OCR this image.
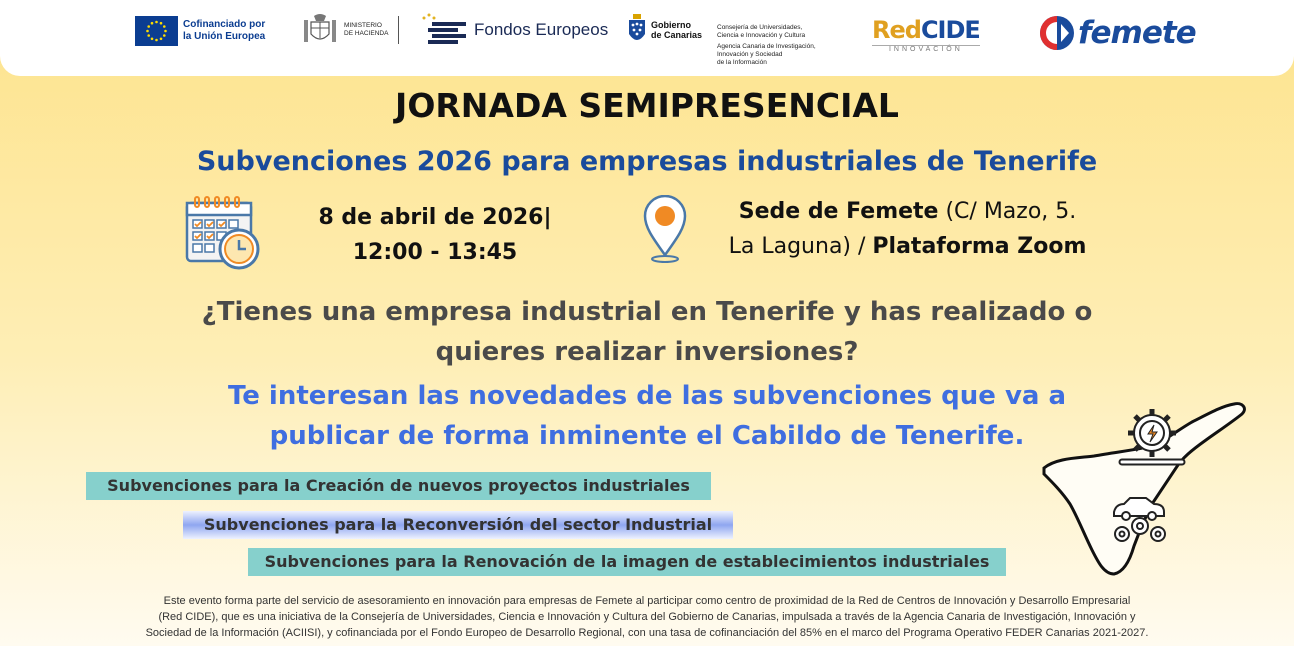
Cofinanciado por
la Unión Europea
MINISTERIO
DE HACIENDA	Fondos Europeos	Gobierno
de Canarias
Consejería de Universidades,
Ciencia e Innovación y Cultura
Agencia Canaria de Investigación,
Innovación y Sociedad
de la Información
RedCIDE
INNOVACIÓN	femete
JORNADA SEMIPRESENCIAL
Subvenciones 2026 para empresas industriales de Tenerife
8 de abril de 2026|
12:00 - 13:45
Sede de Femete (C/ Mazo, 5.
La Laguna) / Plataforma Zoom
¿Tienes una empresa industrial en Tenerife y has realizado o
quieres realizar inversiones?
Te interesan las novedades de las subvenciones que va a
publicar de forma inminente el Cabildo de Tenerife.
Subvenciones para la Creación de nuevos proyectos industriales
Subvenciones para la Reconversión del sector Industrial
Subvenciones para la Renovación de la imagen de establecimientos industriales
Este evento forma parte del servicio de asesoramiento en innovación para empresas de Femete al participar como centro de proximidad de la Red de Centros de Innovación y Desarrollo Empresarial
(Red CIDE), que es una iniciativa de la Consejería de Universidades, Ciencia e Innovación y Cultura del Gobierno de Canarias, impulsada a través de la Agencia Canaria de Investigación, Innovación y
Sociedad de la Información (ACIISI), y cofinanciada por el Fondo Europeo de Desarrollo Regional, con una tasa de cofinanciación del 85% en el marco del Programa Operativo FEDER Canarias 2021-2027.
